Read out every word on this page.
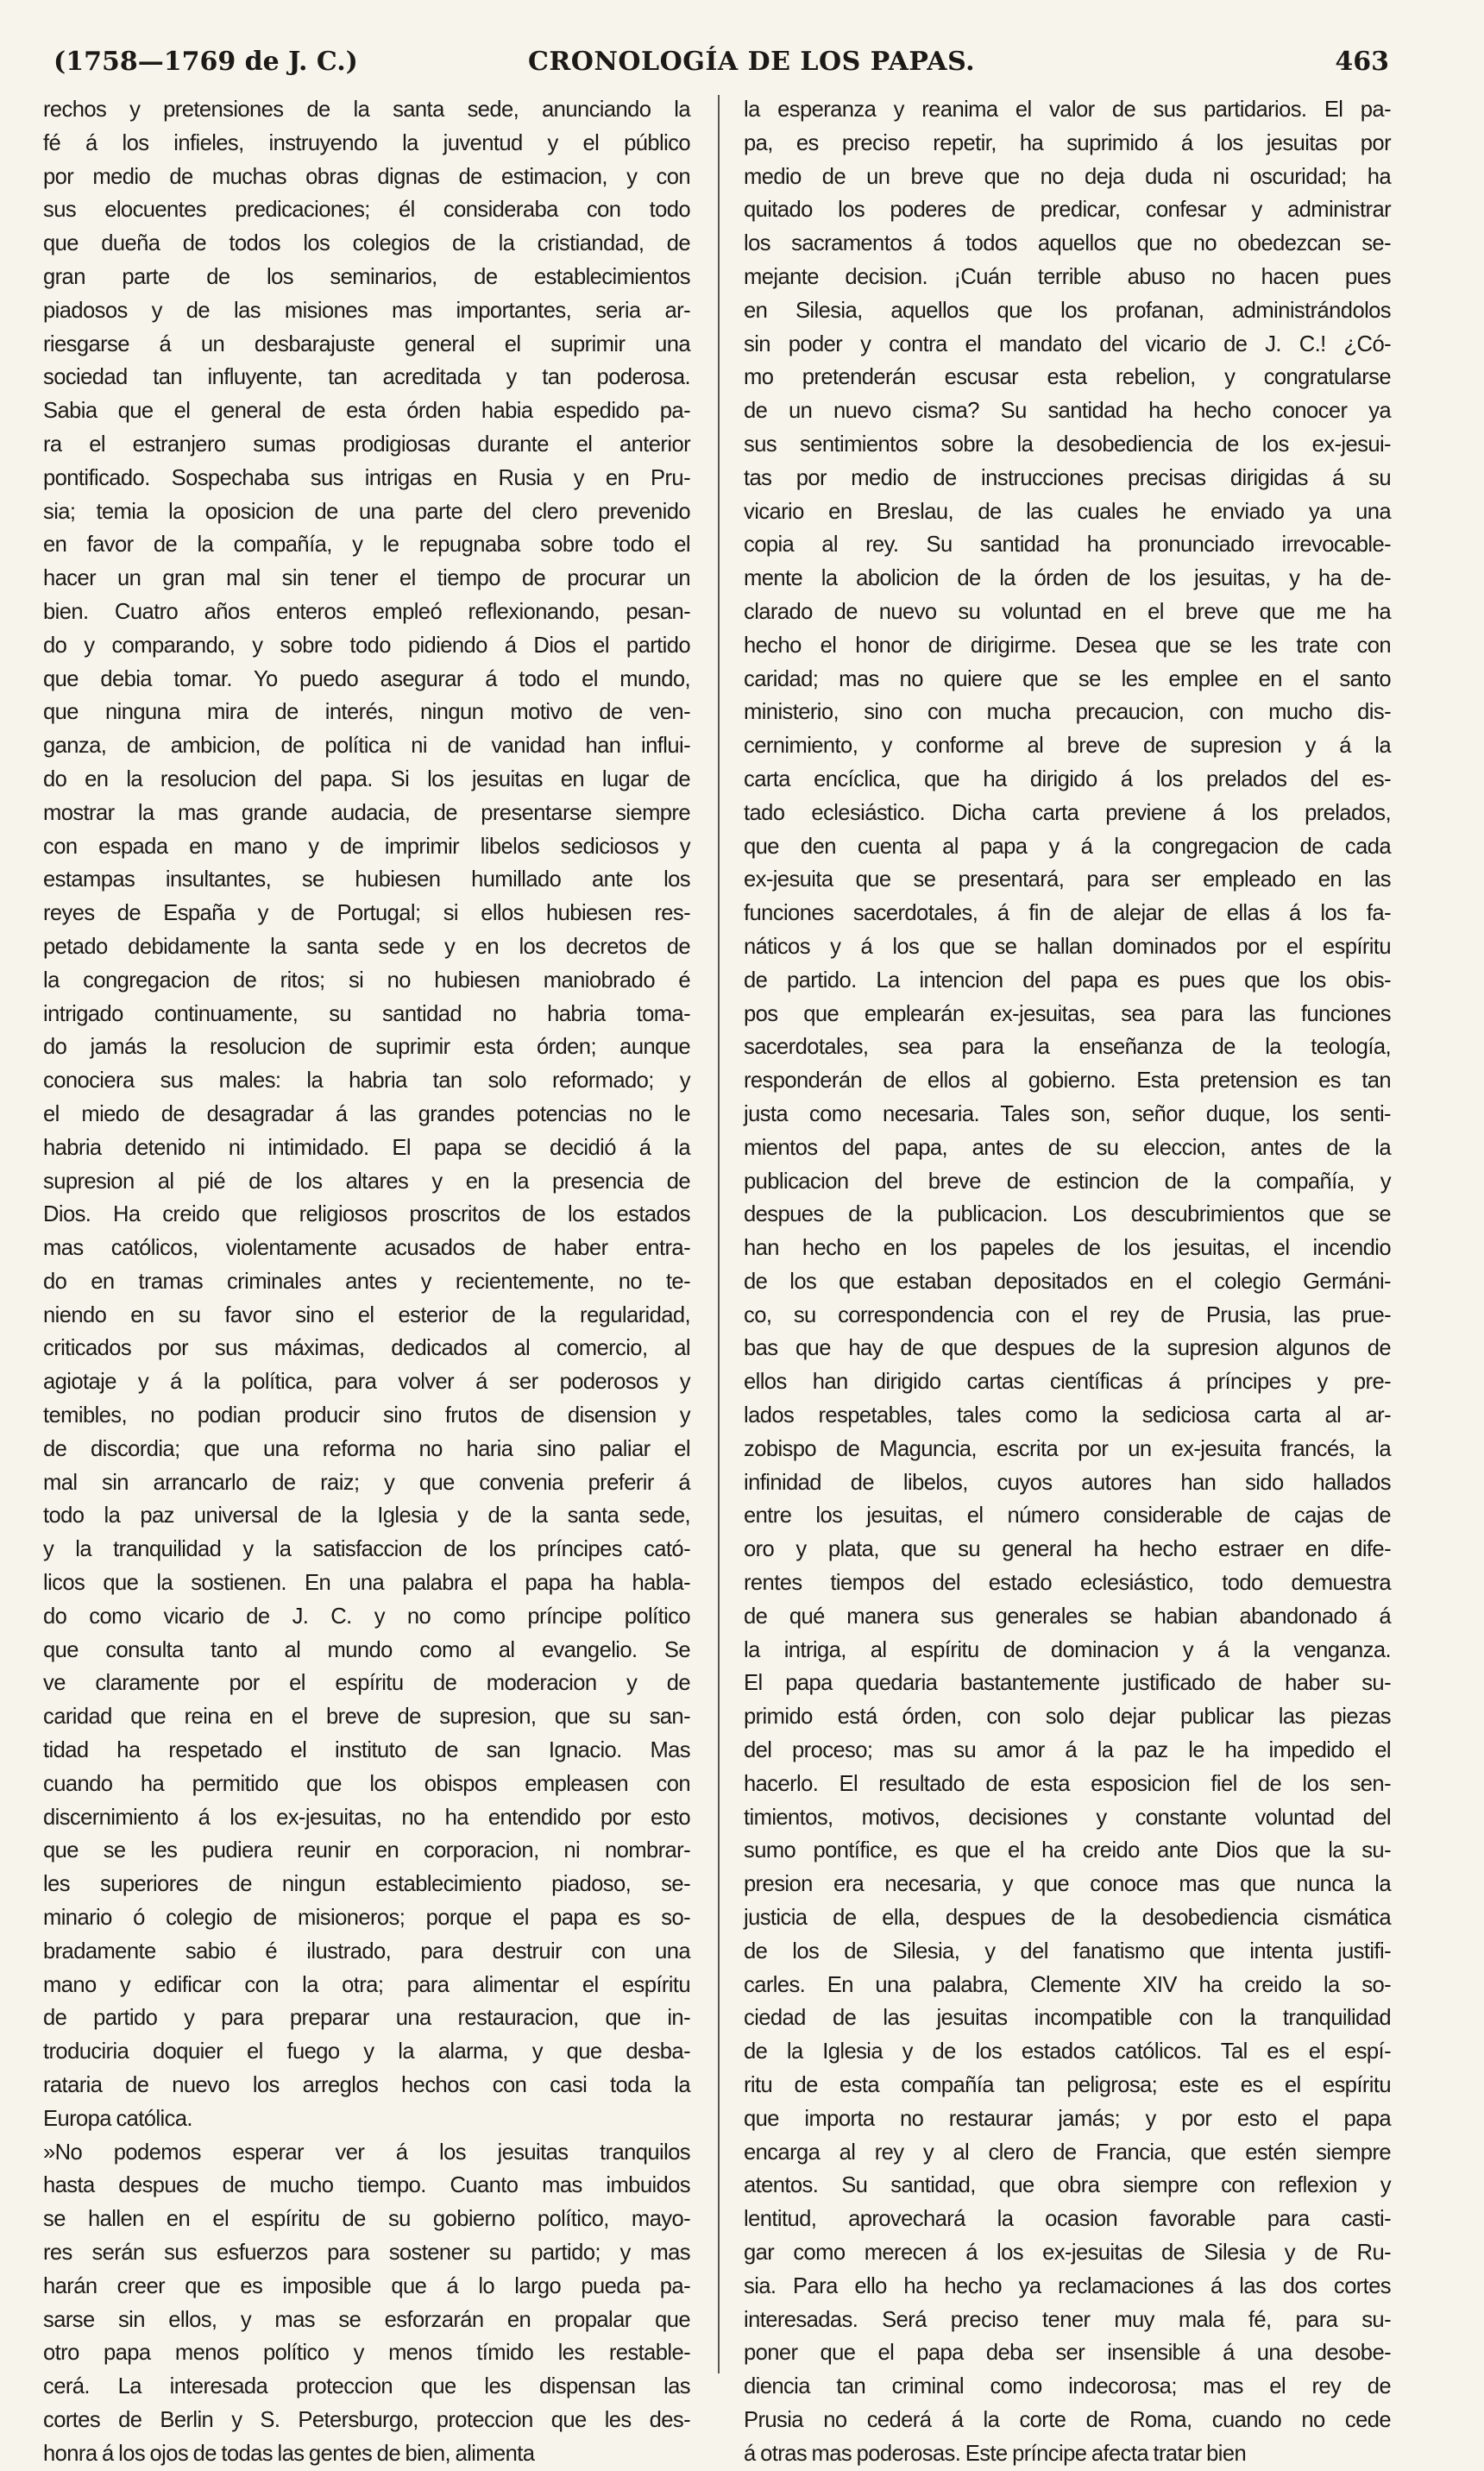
(1758—1769 de J. C.)	CRONOLOGÍA DE LOS PAPAS.	463

rechos y pretensiones de la santa sede, anunciando la

fé á los infieles, instruyendo la juventud y el público

por medio de muchas obras dignas de estimacion, y con

sus elocuentes predicaciones; él consideraba con todo

que dueña de todos los colegios de la cristiandad, de

gran parte de los seminarios, de establecimientos

piadosos y de las misiones mas importantes, seria ar-

riesgarse á un desbarajuste general el suprimir una

sociedad tan influyente, tan acreditada y tan poderosa.

Sabia que el general de esta órden habia espedido pa-

ra el estranjero sumas prodigiosas durante el anterior

pontificado. Sospechaba sus intrigas en Rusia y en Pru-

sia; temia la oposicion de una parte del clero prevenido

en favor de la compañía, y le repugnaba sobre todo el

hacer un gran mal sin tener el tiempo de procurar un

bien. Cuatro años enteros empleó reflexionando, pesan-

do y comparando, y sobre todo pidiendo á Dios el partido

que debia tomar. Yo puedo asegurar á todo el mundo,

que ninguna mira de interés, ningun motivo de ven-

ganza, de ambicion, de política ni de vanidad han influi-

do en la resolucion del papa. Si los jesuitas en lugar de

mostrar la mas grande audacia, de presentarse siempre

con espada en mano y de imprimir libelos sediciosos y

estampas insultantes, se hubiesen humillado ante los

reyes de España y de Portugal; si ellos hubiesen res-

petado debidamente la santa sede y en los decretos de

la congregacion de ritos; si no hubiesen maniobrado é

intrigado continuamente, su santidad no habria toma-

do jamás la resolucion de suprimir esta órden; aunque

conociera sus males: la habria tan solo reformado; y

el miedo de desagradar á las grandes potencias no le

habria detenido ni intimidado. El papa se decidió á la

supresion al pié de los altares y en la presencia de

Dios. Ha creido que religiosos proscritos de los estados

mas católicos, violentamente acusados de haber entra-

do en tramas criminales antes y recientemente, no te-

niendo en su favor sino el esterior de la regularidad,

criticados por sus máximas, dedicados al comercio, al

agiotaje y á la política, para volver á ser poderosos y

temibles, no podian producir sino frutos de disension y

de discordia; que una reforma no haria sino paliar el

mal sin arrancarlo de raiz; y que convenia preferir á

todo la paz universal de la Iglesia y de la santa sede,

y la tranquilidad y la satisfaccion de los príncipes cató-

licos que la sostienen. En una palabra el papa ha habla-

do como vicario de J. C. y no como príncipe político

que consulta tanto al mundo como al evangelio. Se

ve claramente por el espíritu de moderacion y de

caridad que reina en el breve de supresion, que su san-

tidad ha respetado el instituto de san Ignacio. Mas

cuando ha permitido que los obispos empleasen con

discernimiento á los ex-jesuitas, no ha entendido por esto

que se les pudiera reunir en corporacion, ni nombrar-

les superiores de ningun establecimiento piadoso, se-

minario ó colegio de misioneros; porque el papa es so-

bradamente sabio é ilustrado, para destruir con una

mano y edificar con la otra; para alimentar el espíritu

de partido y para preparar una restauracion, que in-

troduciria doquier el fuego y la alarma, y que desba-

rataria de nuevo los arreglos hechos con casi toda la

Europa católica.

»No podemos esperar ver á los jesuitas tranquilos

hasta despues de mucho tiempo. Cuanto mas imbuidos

se hallen en el espíritu de su gobierno político, mayo-

res serán sus esfuerzos para sostener su partido; y mas

harán creer que es imposible que á lo largo pueda pa-

sarse sin ellos, y mas se esforzarán en propalar que

otro papa menos político y menos tímido les restable-

cerá. La interesada proteccion que les dispensan las

cortes de Berlin y S. Petersburgo, proteccion que les des-

honra á los ojos de todas las gentes de bien, alimenta

la esperanza y reanima el valor de sus partidarios. El pa-

pa, es preciso repetir, ha suprimido á los jesuitas por

medio de un breve que no deja duda ni oscuridad; ha

quitado los poderes de predicar, confesar y administrar

los sacramentos á todos aquellos que no obedezcan se-

mejante decision. ¡Cuán terrible abuso no hacen pues

en Silesia, aquellos que los profanan, administrándolos

sin poder y contra el mandato del vicario de J. C.! ¿Có-

mo pretenderán escusar esta rebelion, y congratularse

de un nuevo cisma? Su santidad ha hecho conocer ya

sus sentimientos sobre la desobediencia de los ex-jesui-

tas por medio de instrucciones precisas dirigidas á su

vicario en Breslau, de las cuales he enviado ya una

copia al rey. Su santidad ha pronunciado irrevocable-

mente la abolicion de la órden de los jesuitas, y ha de-

clarado de nuevo su voluntad en el breve que me ha

hecho el honor de dirigirme. Desea que se les trate con

caridad; mas no quiere que se les emplee en el santo

ministerio, sino con mucha precaucion, con mucho dis-

cernimiento, y conforme al breve de supresion y á la

carta encíclica, que ha dirigido á los prelados del es-

tado eclesiástico. Dicha carta previene á los prelados,

que den cuenta al papa y á la congregacion de cada

ex-jesuita que se presentará, para ser empleado en las

funciones sacerdotales, á fin de alejar de ellas á los fa-

náticos y á los que se hallan dominados por el espíritu

de partido. La intencion del papa es pues que los obis-

pos que emplearán ex-jesuitas, sea para las funciones

sacerdotales, sea para la enseñanza de la teología,

responderán de ellos al gobierno. Esta pretension es tan

justa como necesaria. Tales son, señor duque, los senti-

mientos del papa, antes de su eleccion, antes de la

publicacion del breve de estincion de la compañía, y

despues de la publicacion. Los descubrimientos que se

han hecho en los papeles de los jesuitas, el incendio

de los que estaban depositados en el colegio Germáni-

co, su correspondencia con el rey de Prusia, las prue-

bas que hay de que despues de la supresion algunos de

ellos han dirigido cartas científicas á príncipes y pre-

lados respetables, tales como la sediciosa carta al ar-

zobispo de Maguncia, escrita por un ex-jesuita francés, la

infinidad de libelos, cuyos autores han sido hallados

entre los jesuitas, el número considerable de cajas de

oro y plata, que su general ha hecho estraer en dife-

rentes tiempos del estado eclesiástico, todo demuestra

de qué manera sus generales se habian abandonado á

la intriga, al espíritu de dominacion y á la venganza.

El papa quedaria bastantemente justificado de haber su-

primido está órden, con solo dejar publicar las piezas

del proceso; mas su amor á la paz le ha impedido el

hacerlo. El resultado de esta esposicion fiel de los sen-

timientos, motivos, decisiones y constante voluntad del

sumo pontífice, es que el ha creido ante Dios que la su-

presion era necesaria, y que conoce mas que nunca la

justicia de ella, despues de la desobediencia cismática

de los de Silesia, y del fanatismo que intenta justifi-

carles. En una palabra, Clemente XIV ha creido la so-

ciedad de las jesuitas incompatible con la tranquilidad

de la Iglesia y de los estados católicos. Tal es el espí-

ritu de esta compañía tan peligrosa; este es el espíritu

que importa no restaurar jamás; y por esto el papa

encarga al rey y al clero de Francia, que estén siempre

atentos. Su santidad, que obra siempre con reflexion y

lentitud, aprovechará la ocasion favorable para casti-

gar como merecen á los ex-jesuitas de Silesia y de Ru-

sia. Para ello ha hecho ya reclamaciones á las dos cortes

interesadas. Será preciso tener muy mala fé, para su-

poner que el papa deba ser insensible á una desobe-

diencia tan criminal como indecorosa; mas el rey de

Prusia no cederá á la corte de Roma, cuando no cede

á otras mas poderosas. Este príncipe afecta tratar bien
